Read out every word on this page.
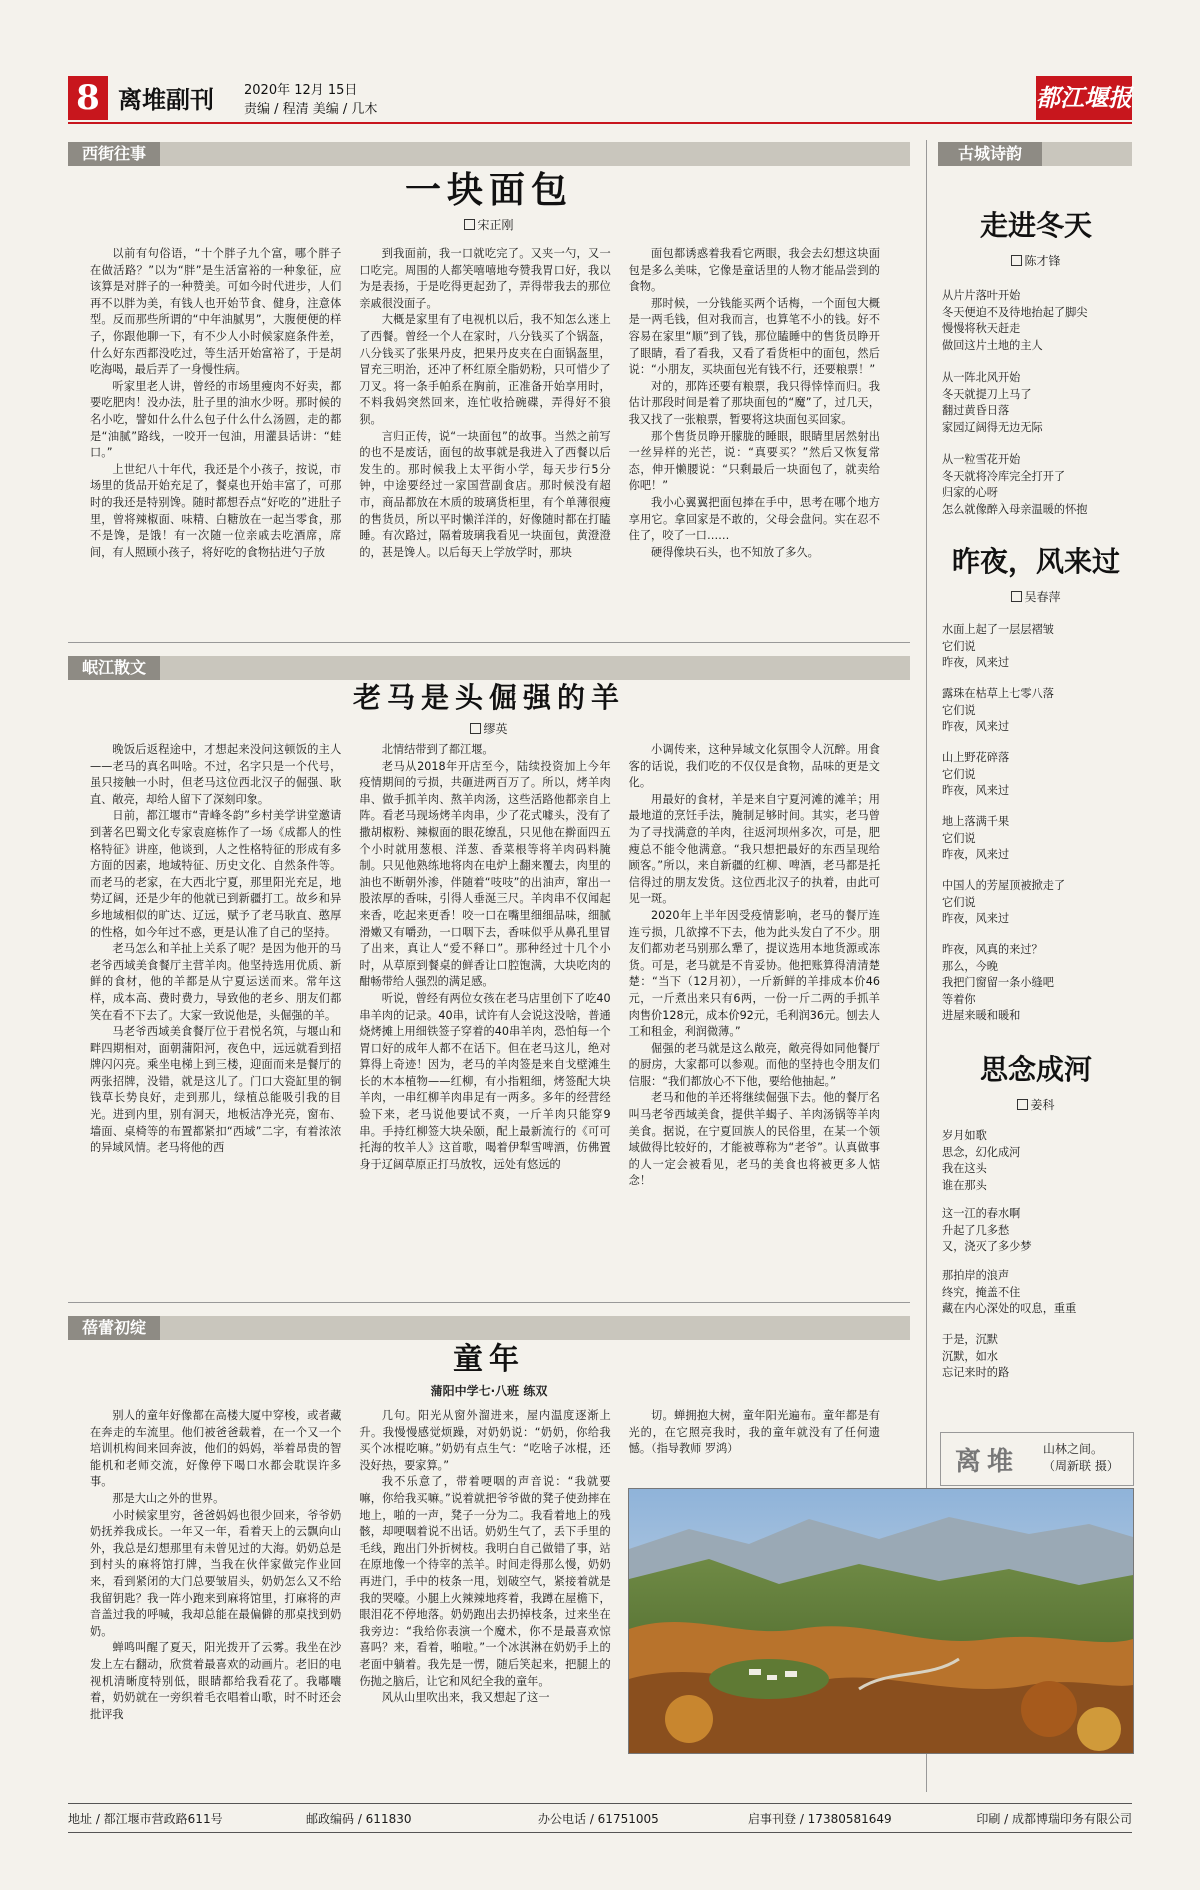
8 离堆副刊 2020年 12月 15日
责编 / 程清 美编 / 几木	都江堰报
西街往事
一块面包
宋正刚

以前有句俗语，“十个胖子九个富，哪个胖子在做活路？”以为“胖”是生活富裕的一种象征，应该算是对胖子的一种赞美。可如今时代进步，人们再不以胖为美，有钱人也开始节食、健身，注意体型。反而那些所谓的“中年油腻男”，大腹便便的样子，你跟他聊一下，有不少人小时候家庭条件差，什么好东西都没吃过，等生活开始富裕了，于是胡吃海喝，最后弄了一身慢性病。

听家里老人讲，曾经的市场里瘦肉不好卖，都要吃肥肉！没办法，肚子里的油水少呀。那时候的名小吃，譬如什么什么包子什么什么汤圆，走的都是“油腻”路线，一咬开一包油，用灌县话讲：“蛙口。”

上世纪八十年代，我还是个小孩子，按说，市场里的货品开始充足了，餐桌也开始丰富了，可那时的我还是特别馋。随时都想吞点“好吃的”进肚子里，曾将辣椒面、味精、白糖放在一起当零食，那不是馋，是饿！有一次随一位亲戚去吃酒席，席间，有人照顾小孩子，将好吃的食物拈进勺子放

到我面前，我一口就吃完了。又夹一勺，又一口吃完。周围的人都笑嘻嘻地夸赞我胃口好，我以为是表扬，于是吃得更起劲了，弄得带我去的那位亲戚很没面子。

大概是家里有了电视机以后，我不知怎么迷上了西餐。曾经一个人在家时，八分钱买了个锅盔，八分钱买了张果丹皮，把果丹皮夹在白面锅盔里，冒充三明治，还冲了杯红原全脂奶粉，只可惜少了刀叉。将一条手帕系在胸前，正准备开始享用时，不料我妈突然回来，连忙收拾碗碟，弄得好不狼狈。

言归正传，说“一块面包”的故事。当然之前写的也不是废话，面包的故事就是我进入了西餐以后发生的。那时候我上太平街小学，每天步行5分钟，中途要经过一家国营副食店。那时候没有超市，商品都放在木质的玻璃货柜里，有个单薄很瘦的售货员，所以平时懒洋洋的，好像随时都在打瞌睡。有次路过，隔着玻璃我看见一块面包，黄澄澄的，甚是馋人。以后每天上学放学时，那块

面包都诱惑着我看它两眼，我会去幻想这块面包是多么美味，它像是童话里的人物才能品尝到的食物。

那时候，一分钱能买两个话梅，一个面包大概是一两毛钱，但对我而言，也算笔不小的钱。好不容易在家里“顺”到了钱，那位瞌睡中的售货员睁开了眼睛，看了看我，又看了看货柜中的面包，然后说：“小朋友，买块面包光有钱不行，还要粮票！”

对的，那阵还要有粮票，我只得悻悻而归。我估计那段时间是着了那块面包的“魔”了，过几天，我又找了一张粮票，暂要将这块面包买回家。

那个售货员睁开朦胧的睡眼，眼睛里居然射出一丝异样的光芒，说：“真要买？”然后又恢复常态，伸开懒腰说：“只剩最后一块面包了，就卖给你吧！”

我小心翼翼把面包捧在手中，思考在哪个地方享用它。拿回家是不敢的，父母会盘问。实在忍不住了，咬了一口……

硬得像块石头，也不知放了多久。

岷江散文
老马是头倔强的羊
缪英

晚饭后返程途中，才想起来没问这顿饭的主人——老马的真名叫啥。不过，名字只是一个代号，虽只接触一小时，但老马这位西北汉子的倔强、耿直、敞亮，却给人留下了深刻印象。

日前，都江堰市“青峰冬韵”乡村美学讲堂邀请到著名巴蜀文化专家袁庭栋作了一场《成都人的性格特征》讲座，他谈到，人之性格特征的形成有多方面的因素，地域特征、历史文化、自然条件等。而老马的老家，在大西北宁夏，那里阳光充足，地势辽阔，还是少年的他就已到新疆打工。故乡和异乡地域相似的旷达、辽远，赋予了老马耿直、憨厚的性格，如今年过不惑，更是认准了自己的坚持。

老马怎么和羊扯上关系了呢？是因为他开的马老爷西域美食餐厅主营羊肉。他坚持选用优质、新鲜的食材，他的羊都是从宁夏运送而来。常年这样，成本高、费时费力，导致他的老乡、朋友们都笑在看不下去了。大家一致说他是，头倔强的羊。

马老爷西域美食餐厅位于君悦名筑，与堰山和畔四期相对，面朝蒲阳河，夜色中，远远就看到招牌闪闪亮。乘坐电梯上到三楼，迎面而来是餐厅的两张招牌，没错，就是这儿了。门口大瓷缸里的铜钱草长势良好，走到那儿，绿植总能吸引我的目光。进到内里，别有洞天，地板洁净光亮，窗布、墙面、桌椅等的布置都紧扣“西域”二字，有着浓浓的异域风情。老马将他的西

北情结带到了都江堰。

老马从2018年开店至今，陆续投资加上今年疫情期间的亏损，共砸进两百万了。所以，烤羊肉串、做手抓羊肉、熬羊肉汤，这些活路他都亲自上阵。看老马现场烤羊肉串，少了花式噱头，没有了撒胡椒粉、辣椒面的眼花缭乱，只见他在擀面四五个小时就用葱根、洋葱、香菜根等将羊肉码料腌制。只见他熟练地将肉在电炉上翻来覆去，肉里的油也不断朝外渗，伴随着“吱吱”的出油声，窜出一股浓厚的香味，引得人垂涎三尺。羊肉串不仅闻起来香，吃起来更香！咬一口在嘴里细细品味，细腻滑嫩又有嚼劲，一口咽下去，香味似乎从鼻孔里冒了出来，真让人“爱不释口”。那种经过十几个小时，从草原到餐桌的鲜香让口腔饱满，大块吃肉的酣畅带给人强烈的满足感。

听说，曾经有两位女孩在老马店里创下了吃40串羊肉的记录。40串，试许有人会说这没啥，普通烧烤摊上用细铁签子穿着的40串羊肉，恐怕每一个胃口好的成年人都不在话下。但在老马这儿，绝对算得上奇迹！因为，老马的羊肉签是来自戈壁滩生长的木本植物——红柳，有小指粗细，烤签配大块羊肉，一串红柳羊肉串足有一两多。多年的经营经验下来，老马说他要试不爽，一斤羊肉只能穿9串。手持红柳签大块朵颐，配上最新流行的《可可托海的牧羊人》这首歌，喝着伊犁雪啤酒，仿佛置身于辽阔草原正打马放牧，远处有悠远的

小调传来，这种异域文化氛围令人沉醉。用食客的话说，我们吃的不仅仅是食物，品味的更是文化。

用最好的食材，羊是来自宁夏河滩的滩羊；用最地道的烹饪手法，腌制足够时间。其实，老马曾为了寻找满意的羊肉，往返河坝州多次，可是，肥瘦总不能令他满意。“我只想把最好的东西呈现给顾客。”所以，来自新疆的红柳、啤酒，老马都是托信得过的朋友发货。这位西北汉子的执着，由此可见一斑。

2020年上半年因受疫情影响，老马的餐厅连连亏损，几欲撑不下去，他为此头发白了不少。朋友们都劝老马别那么犟了，提议选用本地货源或冻货。可是，老马就是不肯妥协。他把账算得清清楚楚：“当下（12月初），一斤新鲜的羊排成本价46元，一斤煮出来只有6两，一份一斤二两的手抓羊肉售价128元，成本价92元，毛利润36元。刨去人工和租金，利润微薄。”

倔强的老马就是这么敞亮，敞亮得如同他餐厅的厨房，大家都可以参观。而他的坚持也令朋友们信服：“我们都放心不下他，要给他抽起。”

老马和他的羊还将继续倔强下去。他的餐厅名叫马老爷西域美食，提供羊蝎子、羊肉汤锅等羊肉美食。据说，在宁夏回族人的民俗里，在某一个领域做得比较好的，才能被尊称为“老爷”。认真做事的人一定会被看见，老马的美食也将被更多人惦念！

蓓蕾初绽
童年
蒲阳中学七·八班 练双

别人的童年好像都在高楼大厦中穿梭，或者藏在奔走的车流里。他们被爸爸载着，在一个又一个培训机构间来回奔波，他们的妈妈，举着昂贵的智能机和老师交流，好像停下喝口水都会耽误许多事。

那是大山之外的世界。

小时候家里穷，爸爸妈妈也很少回来，爷爷奶奶抚养我成长。一年又一年，看着天上的云飘向山外，我总是幻想那里有未曾见过的大海。奶奶总是到村头的麻将馆打牌，当我在伙伴家做完作业回来，看到紧闭的大门总要皱眉头，奶奶怎么又不给我留钥匙？我一阵小跑来到麻将馆里，打麻将的声音盖过我的呼喊，我却总能在最偏僻的那桌找到奶奶。

蝉鸣叫醒了夏天，阳光拨开了云雾。我坐在沙发上左右翻动，欣赏着最喜欢的动画片。老旧的电视机清晰度特别低，眼睛都给我看花了。我嘟囔着，奶奶就在一旁织着毛衣唱着山歌，时不时还会批评我

几句。阳光从窗外溜进来，屋内温度逐渐上升。我慢慢感觉烦躁，对奶奶说：“奶奶，你给我买个冰棍吃嘛。”奶奶有点生气：“吃啥子冰棍，还没好热，要家算。”

我不乐意了，带着哽咽的声音说：“我就要嘛，你给我买嘛。”说着就把爷爷做的凳子使劲摔在地上，啪的一声，凳子一分为二。我看着地上的残骸，却哽咽着说不出话。奶奶生气了，丢下手里的毛线，跑出门外折树枝。我明白自己做错了事，站在原地像一个待宰的羔羊。时间走得那么慢，奶奶再进门，手中的枝条一甩，划破空气，紧接着就是我的哭嚎。小腿上火辣辣地疼着，我蹲在屋檐下，眼泪花不停地落。奶奶跑出去扔掉枝条，过来坐在我旁边：“我给你表演一个魔术，你不是最喜欢惊喜吗？来，看着，啪啦。”一个冰淇淋在奶奶手上的老面中躺着。我先是一愣，随后笑起来，把腿上的伤抛之脑后，让它和风纪全我的童年。

风从山里吹出来，我又想起了这一

切。蝉拥抱大树，童年阳光遍布。童年都是有光的，在它照亮我时，我的童年就没有了任何遗憾。（指导教师 罗鸿）

古城诗韵
走进冬天
陈才锋
从片片落叶开始
冬天便迫不及待地抬起了脚尖
慢慢将秋天赶走
做回这片土地的主人
从一阵北风开始
冬天就提刀上马了
翻过黄昏日落
家园辽阔得无边无际
从一粒雪花开始
冬天就将冷库完全打开了
归家的心呀
怎么就像醉入母亲温暖的怀抱
昨夜，风来过
吴春萍
水面上起了一层层褶皱
它们说
昨夜，风来过
露珠在枯草上七零八落
它们说
昨夜，风来过
山上野花碎落
它们说
昨夜，风来过
地上落满千果
它们说
昨夜，风来过
中国人的芳屋顶被掀走了
它们说
昨夜，风来过
昨夜，风真的来过？
那么，今晚
我把门窗留一条小缝吧
等着你
进屋来暖和暖和
思念成河
姜科
岁月如歌
思念，幻化成河
我在这头
谁在那头
这一江的春水啊
升起了几多愁
又，浇灭了多少梦
那拍岸的浪声
终究，掩盖不住
藏在内心深处的叹息，重重
于是，沉默
沉默，如水
忘记来时的路
离堆 山林之间。
（周新联 摄）
地址 / 都江堰市营政路611号	邮政编码 / 611830	办公电话 / 61751005	启事刊登 / 17380581649	印刷 / 成都博瑞印务有限公司
